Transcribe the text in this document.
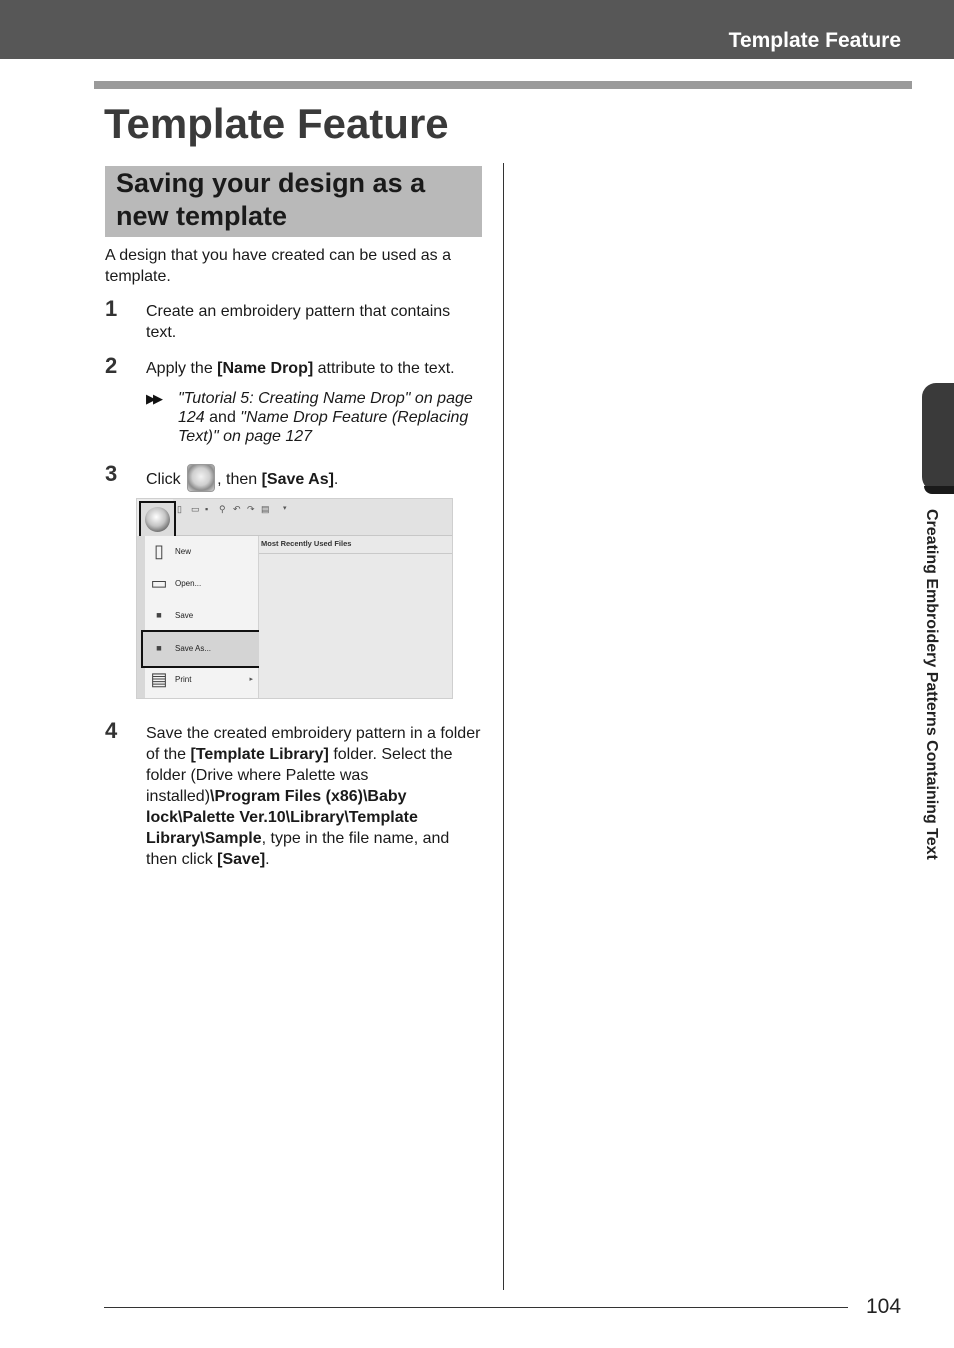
Template Feature
Template Feature
Saving your design as a
new template
A design that you have created can be used as a template.
1 Create an embroidery pattern that contains text.
2 Apply the [Name Drop] attribute to the text.
▶▶ "Tutorial 5: Creating Name Drop" on page 124 and "Name Drop Feature (Replacing Text)" on page 127
3 Click , then [Save As].
▯	▭ ▪	⚲ ↶ ↷ ▤ ▾
▯	New
▭ Open...
▪	Save
▪	Save As...
▤ Print	▸
Most Recently Used Files
4 Save the created embroidery pattern in a folder of the [Template Library] folder. Select the folder (Drive where Palette was installed)\Program Files (x86)\Baby lock\Palette Ver.10\Library\Template Library\Sample, type in the file name, and then click [Save].	Creating Embroidery Patterns Containing Text
104
